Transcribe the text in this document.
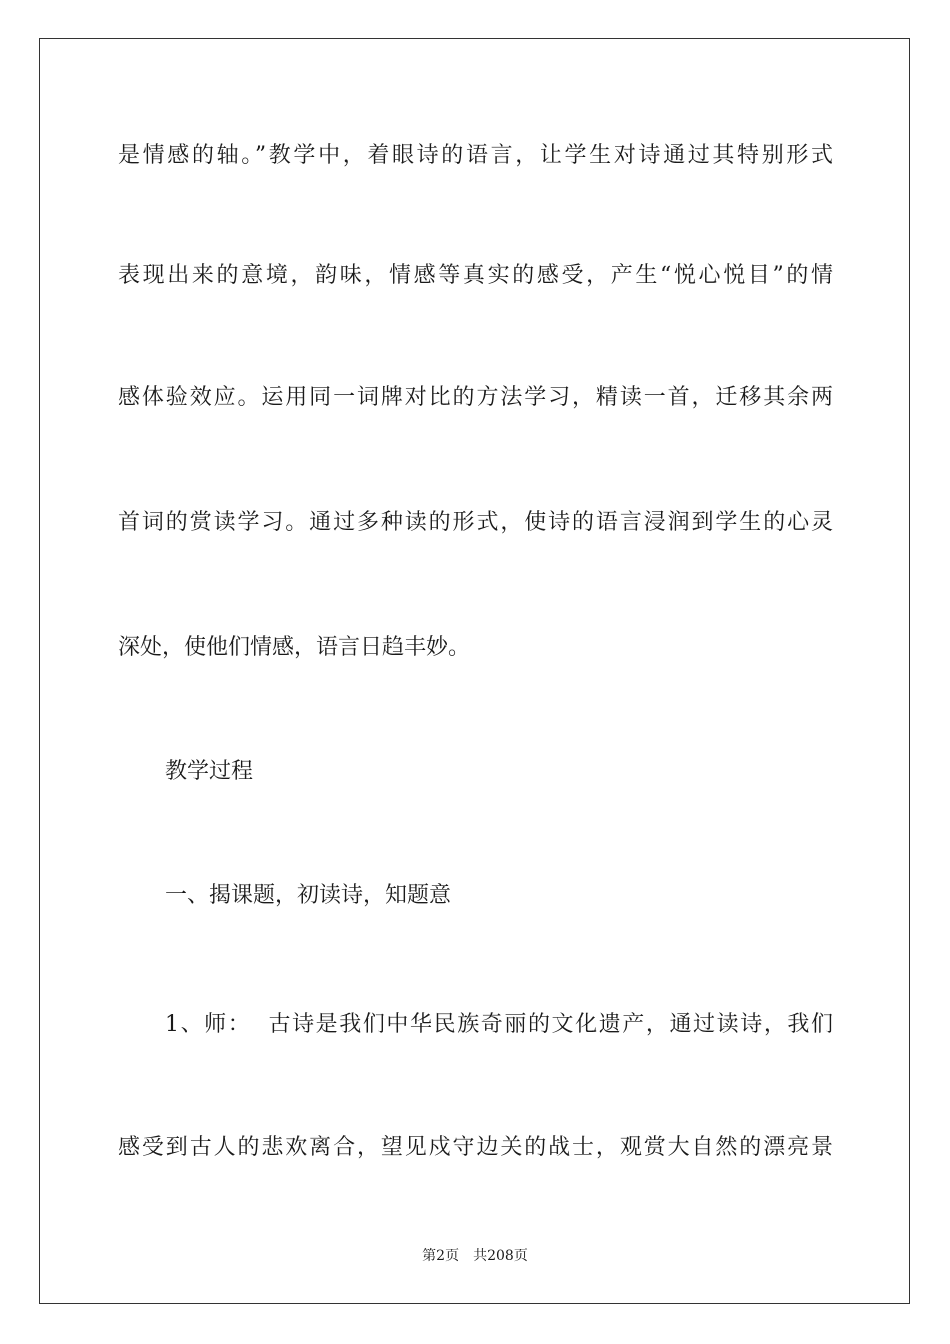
是情感的轴。”教学中，着眼诗的语言，让学生对诗通过其特别形式
表现出来的意境，韵味，情感等真实的感受，产生“悦心悦目”的情
感体验效应。运用同一词牌对比的方法学习，精读一首，迁移其余两
首词的赏读学习。通过多种读的形式，使诗的语言浸润到学生的心灵
深处，使他们情感，语言日趋丰妙。
教学过程
一、揭课题，初读诗，知题意
1、师：  古诗是我们中华民族奇丽的文化遗产，通过读诗，我们
感受到古人的悲欢离合，望见戍守边关的战士，观赏大自然的漂亮景
第2页 共208页
